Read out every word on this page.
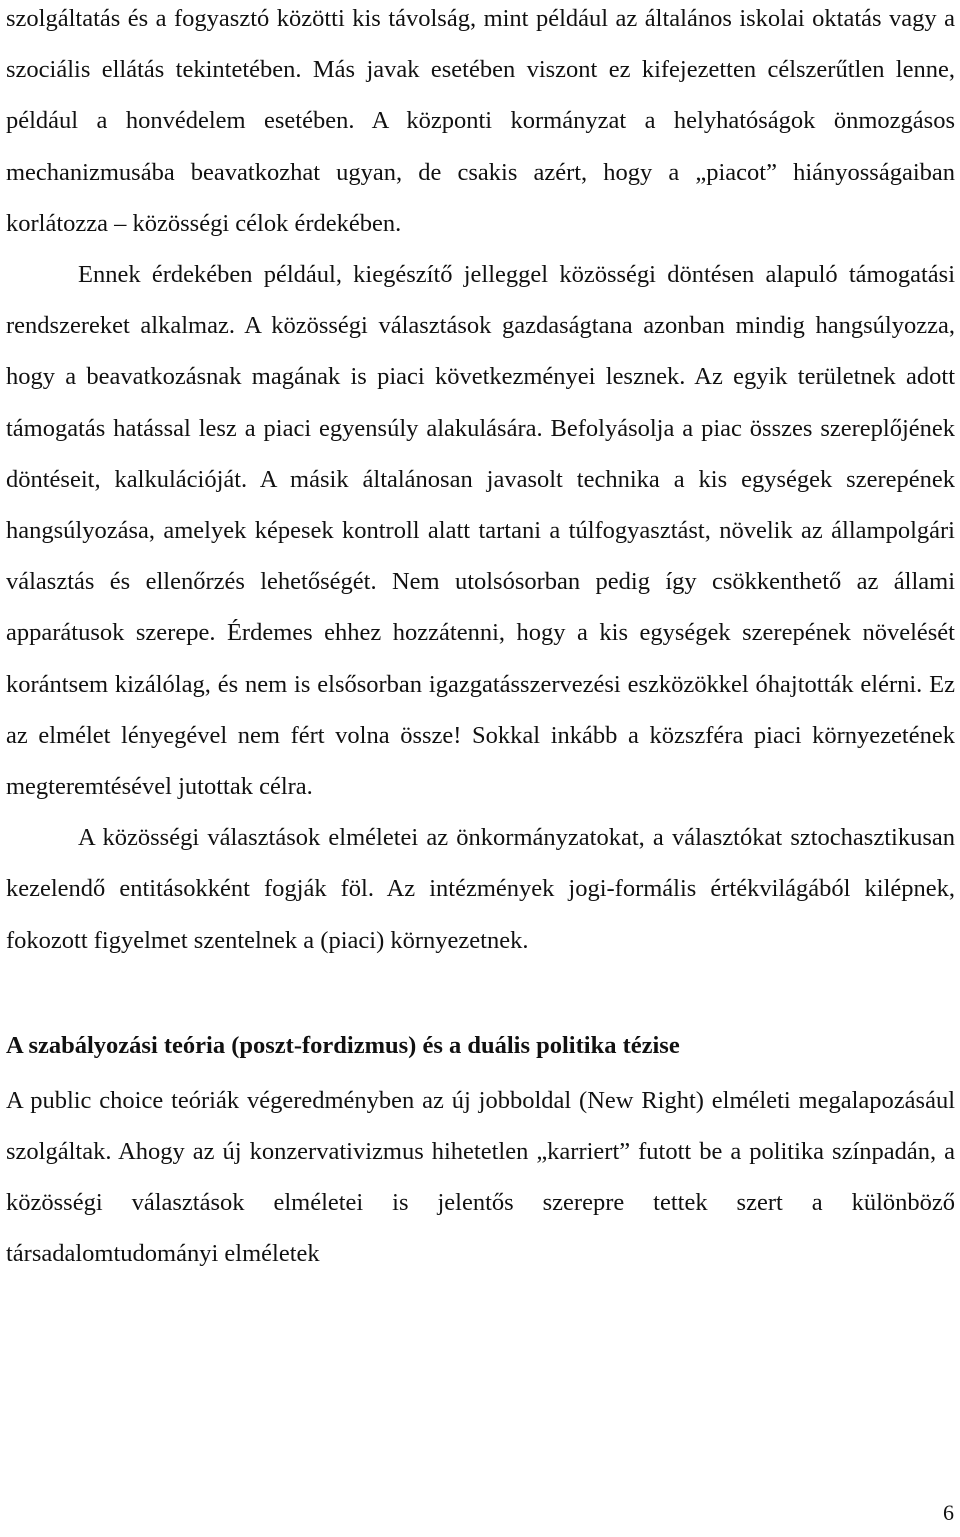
szolgáltatás és a fogyasztó közötti kis távolság, mint például az általános iskolai oktatás vagy a szociális ellátás tekintetében. Más javak esetében viszont ez kifejezetten célszerűtlen lenne, például a honvédelem esetében. A központi kormányzat a helyhatóságok önmozgásos mechanizmusába beavatkozhat ugyan, de csakis azért, hogy a „piacot” hiányosságaiban korlátozza – közösségi célok érdekében.

Ennek érdekében például, kiegészítő jelleggel közösségi döntésen alapuló támogatási rendszereket alkalmaz. A közösségi választások gazdaságtana azonban mindig hangsúlyozza, hogy a beavatkozásnak magának is piaci következményei lesznek. Az egyik területnek adott támogatás hatással lesz a piaci egyensúly alakulására. Befolyásolja a piac összes szereplőjének döntéseit, kalkulációját. A másik általánosan javasolt technika a kis egységek szerepének hangsúlyozása, amelyek képesek kontroll alatt tartani a túlfogyasztást, növelik az állampolgári választás és ellenőrzés lehetőségét. Nem utolsósorban pedig így csökkenthető az állami apparátusok szerepe. Érdemes ehhez hozzátenni, hogy a kis egységek szerepének növelését korántsem kizálólag, és nem is elsősorban igazgatásszervezési eszközökkel óhajtották elérni. Ez az elmélet lényegével nem fért volna össze! Sokkal inkább a közszféra piaci környezetének megteremtésével jutottak célra.

A közösségi választások elméletei az önkormányzatokat, a választókat sztochasztikusan kezelendő entitásokként fogják föl. Az intézmények jogi-formális értékvilágából kilépnek, fokozott figyelmet szentelnek a (piaci) környezetnek.

A szabályozási teória (poszt-fordizmus) és a duális politika tézise

A public choice teóriák végeredményben az új jobboldal (New Right) elméleti megalapozásául szolgáltak. Ahogy az új konzervativizmus hihetetlen „karriert” futott be a politika színpadán, a közösségi választások elméletei is jelentős szerepre tettek szert a különböző társadalomtudományi elméletek

6
